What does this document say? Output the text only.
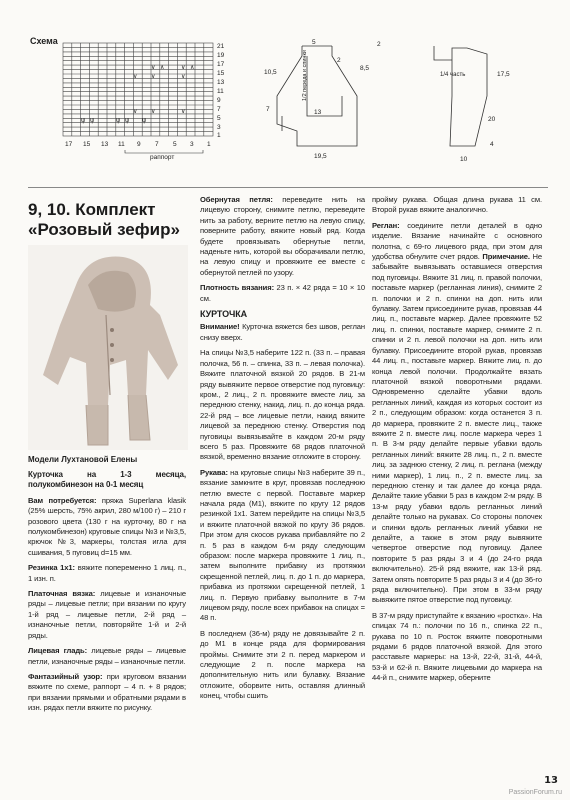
Схема
∨ ∧	∨ ∧
∨ ∨	∨
∨ ∨	∨
ψ ψ	ψ ψ ψ
21
19
17
15
13
11
9
7
5
3
1
17 15 13 11 9 7 5 3 1
раппорт
5
2
8,5
10,5
7	13
19,5
1/2 переда и спинки
2
17,5
1/4 часть
20
4
10
9, 10. Комплект
«Розовый зефир»
Модели Лухтановой Елены

Курточка на 1-3 месяца, полукомбинезон на 0-1 месяц

Вам потребуется: пряжа Superlana klasik (25% шерсть, 75% акрил, 280 м/100 г) – 210 г розового цвета (130 г на курточку, 80 г на полукомбинезон) круговые спицы №3 и №3,5, крючок №3, маркеры, толстая игла для сшивания, 5 пуговиц d=15 мм.

Резинка 1х1: вяжите попеременно 1 лиц. п., 1 изн. п.

Платочная вязка: лицевые и изнаночные ряды – лицевые петли; при вязании по кругу 1-й ряд – лицевые петли, 2-й ряд – изнаночные петли, повторяйте 1-й и 2-й ряды.

Лицевая гладь: лицевые ряды – лицевые петли, изнаночные ряды – изнаночные петли.

Фантазийный узор: при круговом вязании вяжите по схеме, раппорт – 4 п. + 8 рядов; при вязании прямыми и обратными рядами в изн. рядах петли вяжите по рисунку.

Обернутая петля: переведите нить на лицевую сторону, снимите петлю, переведите нить за работу, верните петлю на левую спицу, поверните работу, вяжите новый ряд. Когда будете провязывать обернутые петли, наденьте нить, которой вы оборачивали петлю, на левую спицу и провяжите ее вместе с обернутой петлей по узору.

Плотность вязания: 23 п. × 42 ряда = 10 × 10 см.

КУРТОЧКА

Внимание! Курточка вяжется без швов, реглан снизу вверх.

На спицы №3,5 наберите 122 п. (33 п. – правая полочка, 56 п. – спинка, 33 п. – левая полочка). Вяжите платочной вязкой 20 рядов. В 21-м ряду вывяжите первое отверстие под пуговицу: кром., 2 лиц., 2 п. провяжите вместе лиц. за переднюю стенку, накид, лиц. п. до конца ряда. 22-й ряд – все лицевые петли, накид вяжите лицевой за переднюю стенку. Отверстия под пуговицы вывязывайте в каждом 20-м ряду всего 5 раз. Провяжите 68 рядов платочной вязкой, временно вязание отложите в сторону.

Рукава: на круговые спицы №3 наберите 39 п., вязание замкните в круг, провязав последнюю петлю вместе с первой. Поставьте маркер начала ряда (М1), вяжите по кругу 12 рядов резинкой 1х1. Затем перейдите на спицы №3,5 и вяжите платочной вязкой по кругу 36 рядов. При этом для скосов рукава прибавляйте по 2 п. 5 раз в каждом 6-м ряду следующим образом: после маркера провяжите 1 лиц. п., затем выполните прибавку из протяжки скрещенной петлей, лиц. п. до 1 п. до маркера, прибавка из протяжки скрещенной петлей, 1 лиц. п. Первую прибавку выполните в 7-м лицевом ряду, после всех прибавок на спицах = 48 п.

В последнем (36-м) ряду не довязывайте 2 п. до М1 в конце ряда для формирования проймы. Снимите эти 2 п. перед маркером и следующие 2 п. после маркера на дополнительную нить или булавку. Вязание отложите, оборвите нить, оставляя длинный конец, чтобы сшить

пройму рукава. Общая длина рукава 11 см. Второй рукав вяжите аналогично.

Реглан: соедините петли деталей в одно изделие. Вязание начинайте с основного полотна, с 69-го лицевого ряда, при этом для удобства обнулите счет рядов. Примечание. Не забывайте вывязывать оставшиеся отверстия под пуговицы. Вяжите 31 лиц. п. правой полочки, поставьте маркер (регланная линия), снимите 2 п. полочки и 2 п. спинки на доп. нить или булавку. Затем присоедините рукав, провязав 44 лиц. п., поставьте маркер. Далее провяжите 52 лиц. п. спинки, поставьте маркер, снимите 2 п. спинки и 2 п. левой полочки на доп. нить или булавку. Присоедините второй рукав, провязав 44 лиц. п., поставьте маркер. Вяжите лиц. п. до конца левой полочки. Продолжайте вязать платочной вязкой поворотными рядами. Одновременно сделайте убавки вдоль регланных линий, каждая из которых состоит из 2 п., следующим образом: когда останется 3 п. до маркера, провяжите 2 п. вместе лиц., также вяжите 2 п. вместе лиц. после маркера через 1 п. В 3-м ряду делайте первые убавки вдоль регланных линий: вяжите 28 лиц. п., 2 п. вместе лиц. за заднюю стенку, 2 лиц. п. реглана (между ними маркер), 1 лиц. п., 2 п. вместе лиц. за переднюю стенку и так далее до конца ряда. Делайте такие убавки 5 раз в каждом 2-м ряду. В 13-м ряду убавки вдоль регланных линий делайте только на рукавах. Со стороны полочек и спинки вдоль регланных линий убавки не делайте, а также в этом ряду вывяжите четвертое отверстие под пуговицу. Далее повторите 5 раз ряды 3 и 4 (до 24-го ряда включительно). 25-й ряд вяжите, как 13-й ряд. Затем опять повторите 5 раз ряды 3 и 4 (до 36-го ряда включительно). При этом в 33-м ряду вывяжите пятое отверстие под пуговицу.

В 37-м ряду приступайте к вязанию «ростка». На спицах 74 п.: полочки по 16 п., спинка 22 п., рукава по 10 п. Росток вяжите поворотными рядами 6 рядов платочной вязкой. Для этого расставьте маркеры: на 13-й, 22-й, 31-й, 44-й, 53-й и 62-й п. Вяжите лицевыми до маркера на 44-й п., снимите маркер, оберните

13
PassionForum.ru
